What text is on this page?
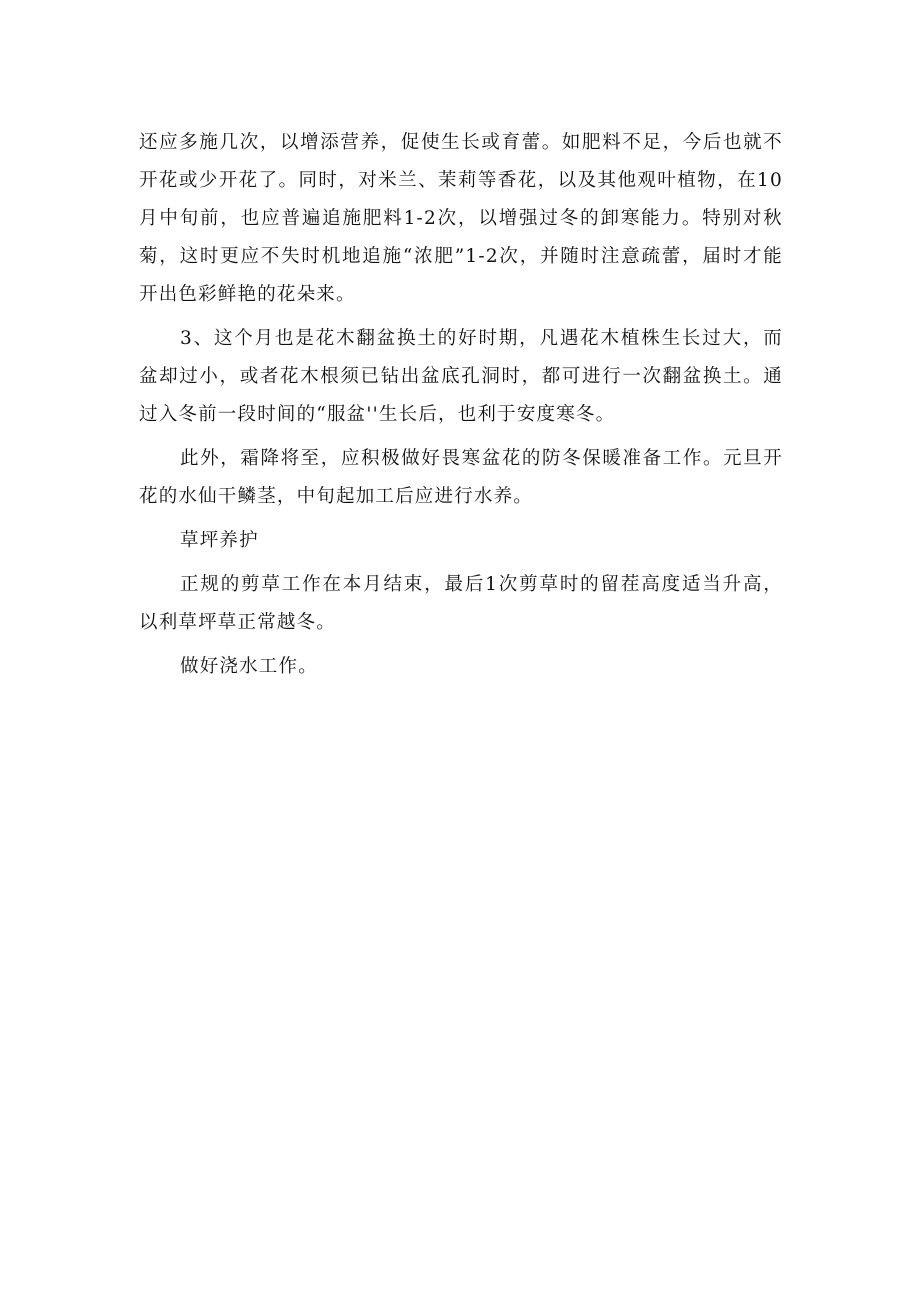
还应多施几次，以增添营养，促使生长或育蕾。如肥料不足，今后也就不开花或少开花了。同时，对米兰、茉莉等香花，以及其他观叶植物，在10月中旬前，也应普遍追施肥料1-2次，以增强过冬的卸寒能力。特别对秋菊，这时更应不失时机地追施“浓肥”1-2次，并随时注意疏蕾，届时才能开出色彩鲜艳的花朵来。

3、这个月也是花木翻盆换土的好时期，凡遇花木植株生长过大，而盆却过小，或者花木根须已钻出盆底孔洞时，都可进行一次翻盆换土。通过入冬前一段时间的“服盆''生长后，也利于安度寒冬。

此外，霜降将至，应积极做好畏寒盆花的防冬保暖准备工作。元旦开花的水仙干鳞茎，中旬起加工后应进行水养。

草坪养护

正规的剪草工作在本月结束，最后1次剪草时的留茬高度适当升高，以利草坪草正常越冬。

做好浇水工作。
